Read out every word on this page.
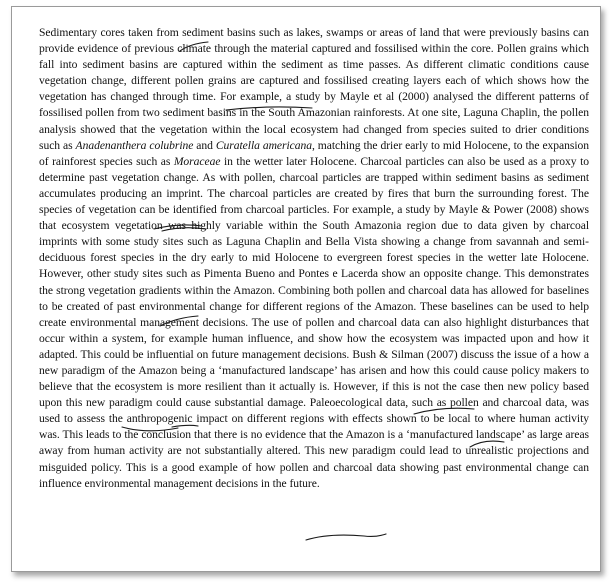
Sedimentary cores taken from sediment basins such as lakes, swamps or areas of land that were previously basins can provide evidence of previous climate through the material captured and fossilised within the core. Pollen grains which fall into sediment basins are captured within the sediment as time passes. As different climatic conditions cause vegetation change, different pollen grains are captured and fossilised creating layers each of which shows how the vegetation has changed through time. For example, a study by Mayle et al (2000) analysed the different patterns of fossilised pollen from two sediment basins in the South Amazonian rainforests. At one site, Laguna Chaplin, the pollen analysis showed that the vegetation within the local ecosystem had changed from species suited to drier conditions such as Anadenanthera colubrine and Curatella americana, matching the drier early to mid Holocene, to the expansion of rainforest species such as Moraceae in the wetter later Holocene. Charcoal particles can also be used as a proxy to determine past vegetation change. As with pollen, charcoal particles are trapped within sediment basins as sediment accumulates producing an imprint. The charcoal particles are created by fires that burn the surrounding forest. The species of vegetation can be identified from charcoal particles. For example, a study by Mayle & Power (2008) shows that ecosystem vegetation was highly variable within the South Amazonia region due to data given by charcoal imprints with some study sites such as Laguna Chaplin and Bella Vista showing a change from savannah and semi-deciduous forest species in the dry early to mid Holocene to evergreen forest species in the wetter late Holocene. However, other study sites such as Pimenta Bueno and Pontes e Lacerda show an opposite change. This demonstrates the strong vegetation gradients within the Amazon. Combining both pollen and charcoal data has allowed for baselines to be created of past environmental change for different regions of the Amazon. These baselines can be used to help create environmental management decisions. The use of pollen and charcoal data can also highlight disturbances that occur within a system, for example human influence, and show how the ecosystem was impacted upon and how it adapted. This could be influential on future management decisions. Bush & Silman (2007) discuss the issue of a how a new paradigm of the Amazon being a ‘manufactured landscape’ has arisen and how this could cause policy makers to believe that the ecosystem is more resilient than it actually is. However, if this is not the case then new policy based upon this new paradigm could cause substantial damage. Paleoecological data, such as pollen and charcoal data, was used to assess the anthropogenic impact on different regions with effects shown to be local to where human activity was. This leads to the conclusion that there is no evidence that the Amazon is a ‘manufactured landscape’ as large areas away from human activity are not substantially altered. This new paradigm could lead to unrealistic projections and misguided policy. This is a good example of how pollen and charcoal data showing past environmental change can influence environmental management decisions in the future.
